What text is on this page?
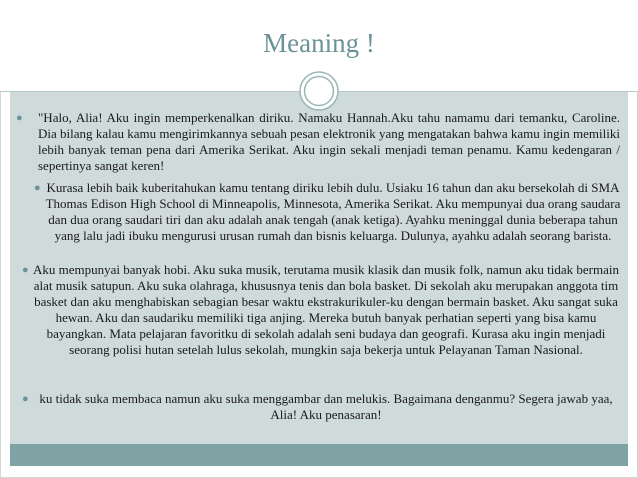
Meaning !
●	"Halo, Alia! Aku ingin memperkenalkan diriku. Namaku Hannah.Aku tahu namamu dari temanku, Caroline. Dia bilang kalau kamu mengirimkannya sebuah pesan elektronik yang mengatakan bahwa kamu ingin memiliki lebih banyak teman pena dari Amerika Serikat. Aku ingin sekali menjadi teman penamu. Kamu kedengaran / sepertinya sangat keren!
● Kurasa lebih baik kuberitahukan kamu tentang diriku lebih dulu. Usiaku 16 tahun dan aku bersekolah di SMA Thomas Edison High School di Minneapolis, Minnesota, Amerika Serikat. Aku mempunyai dua orang saudara dan dua orang saudari tiri dan aku adalah anak tengah (anak ketiga). Ayahku meninggal dunia beberapa tahun yang lalu jadi ibuku mengurusi urusan rumah dan bisnis keluarga. Dulunya, ayahku adalah seorang barista.
● Aku mempunyai banyak hobi. Aku suka musik, terutama musik klasik dan musik folk, namun aku tidak bermain alat musik satupun. Aku suka olahraga, khususnya tenis dan bola basket. Di sekolah aku merupakan anggota tim basket dan aku menghabiskan sebagian besar waktu ekstrakurikuler-ku dengan bermain basket. Aku sangat suka hewan. Aku dan saudariku memiliki tiga anjing. Mereka butuh banyak perhatian seperti yang bisa kamu bayangkan. Mata pelajaran favoritku di sekolah adalah seni budaya dan geografi. Kurasa aku ingin menjadi seorang polisi hutan setelah lulus sekolah, mungkin saja bekerja untuk Pelayanan Taman Nasional.
● ku tidak suka membaca namun aku suka menggambar dan melukis. Bagaimana denganmu? Segera jawab yaa, Alia! Aku penasaran!
